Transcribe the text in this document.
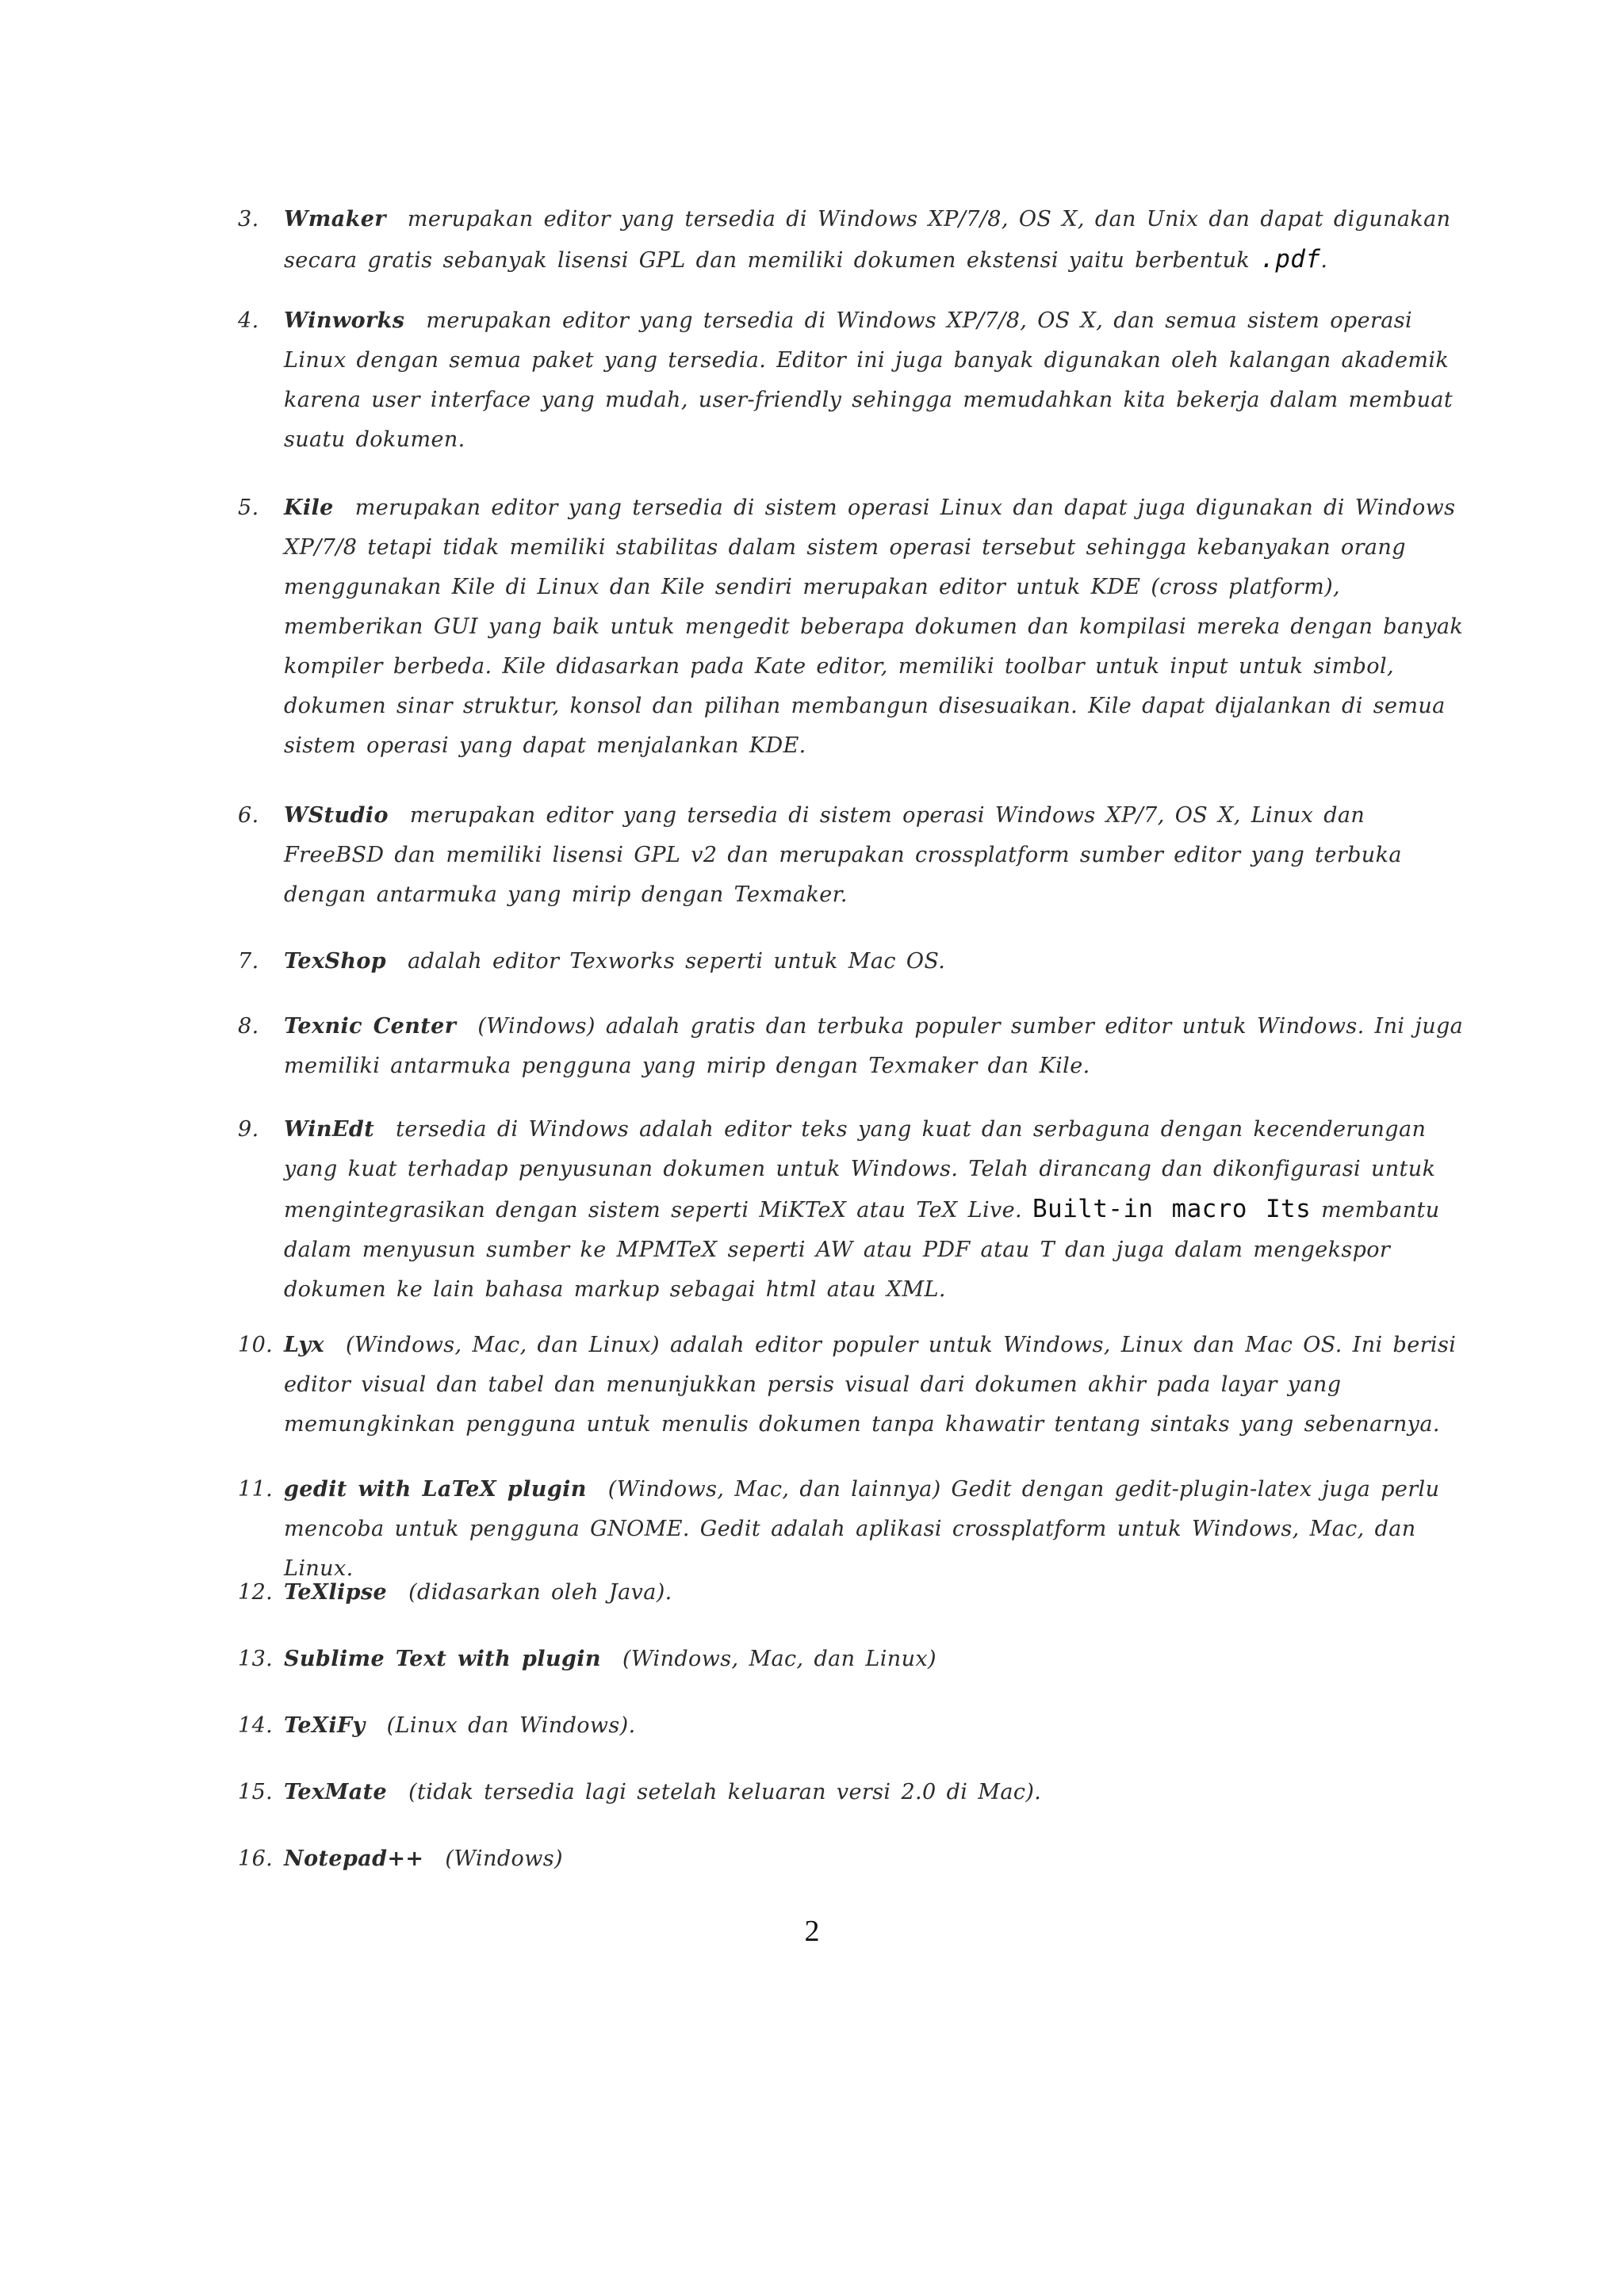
3.	Wmaker merupakan editor yang tersedia di Windows XP/7/8, OS X, dan Unix dan dapat digunakan secara gratis sebanyak lisensi GPL dan memiliki dokumen ekstensi yaitu berbentuk .pdf.
4.	Winworks merupakan editor yang tersedia di Windows XP/7/8, OS X, dan semua sistem operasi Linux dengan semua paket yang tersedia. Editor ini juga banyak digunakan oleh kalangan akademik karena user interface yang mudah, user-friendly sehingga memudahkan kita bekerja dalam membuat suatu dokumen.
5.	Kile merupakan editor yang tersedia di sistem operasi Linux dan dapat juga digunakan di Windows XP/7/8 tetapi tidak memiliki stabilitas dalam sistem operasi tersebut sehingga kebanyakan orang menggunakan Kile di Linux dan Kile sendiri merupakan editor untuk KDE (cross platform), memberikan GUI yang baik untuk mengedit beberapa dokumen dan kompilasi mereka dengan banyak kompiler berbeda. Kile didasarkan pada Kate editor, memiliki toolbar untuk input untuk simbol, dokumen sinar struktur, konsol dan pilihan membangun disesuaikan. Kile dapat dijalankan di semua sistem operasi yang dapat menjalankan KDE.
6.	WStudio merupakan editor yang tersedia di sistem operasi Windows XP/7, OS X, Linux dan FreeBSD dan memiliki lisensi GPL v2 dan merupakan crossplatform sumber editor yang terbuka dengan antarmuka yang mirip dengan Texmaker.
7.	TexShop adalah editor Texworks seperti untuk Mac OS.
8.	Texnic Center (Windows) adalah gratis dan terbuka populer sumber editor untuk Windows. Ini juga memiliki antarmuka pengguna yang mirip dengan Texmaker dan Kile.
9.	WinEdt tersedia di Windows adalah editor teks yang kuat dan serbaguna dengan kecenderungan yang kuat terhadap penyusunan dokumen untuk Windows. Telah dirancang dan dikonfigurasi untuk mengintegrasikan dengan sistem seperti MiKTeX atau TeX Live. Built-in macro Its membantu dalam menyusun sumber ke MPMTeX seperti AW atau PDF atau T dan juga dalam mengekspor dokumen ke lain bahasa markup sebagai html atau XML.
10. Lyx (Windows, Mac, dan Linux) adalah editor populer untuk Windows, Linux dan Mac OS. Ini berisi editor visual dan tabel dan menunjukkan persis visual dari dokumen akhir pada layar yang memungkinkan pengguna untuk menulis dokumen tanpa khawatir tentang sintaks yang sebenarnya.
11. gedit with LaTeX plugin (Windows, Mac, dan lainnya) Gedit dengan gedit-plugin-latex juga perlu mencoba untuk pengguna GNOME. Gedit adalah aplikasi crossplatform untuk Windows, Mac, dan Linux.
12. TeXlipse (didasarkan oleh Java).
13. Sublime Text with plugin (Windows, Mac, dan Linux)
14. TeXiFy (Linux dan Windows).
15. TexMate (tidak tersedia lagi setelah keluaran versi 2.0 di Mac).
16. Notepad++ (Windows)
2
